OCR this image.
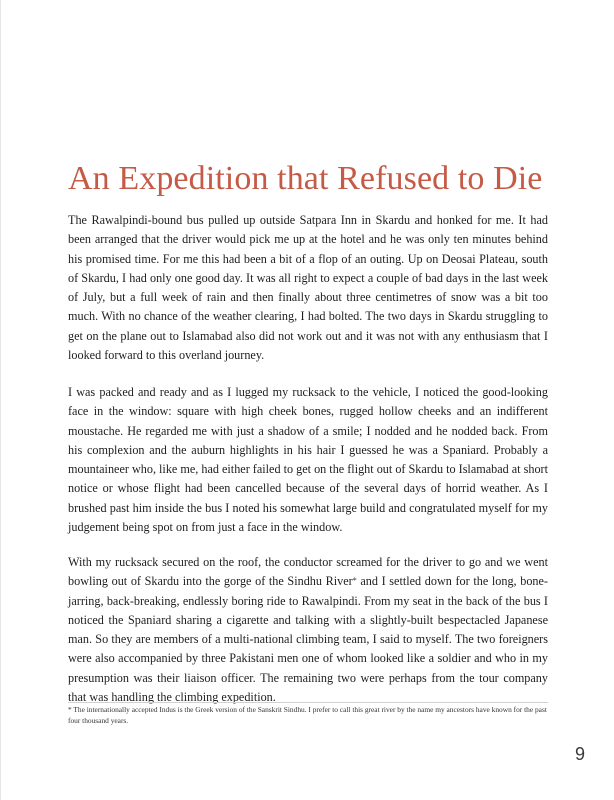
An Expedition that Refused to Die

The Rawalpindi-bound bus pulled up outside Satpara Inn in Skardu and honked for me. It had been arranged that the driver would pick me up at the hotel and he was only ten minutes behind his promised time. For me this had been a bit of a flop of an outing. Up on Deosai Plateau, south of Skardu, I had only one good day. It was all right to expect a couple of bad days in the last week of July, but a full week of rain and then finally about three centimetres of snow was a bit too much. With no chance of the weather clearing, I had bolted. The two days in Skardu struggling to get on the plane out to Islamabad also did not work out and it was not with any enthusiasm that I looked forward to this overland journey.

I was packed and ready and as I lugged my rucksack to the vehicle, I noticed the good-looking face in the window: square with high cheek bones, rugged hollow cheeks and an indifferent moustache. He regarded me with just a shadow of a smile; I nodded and he nodded back. From his complexion and the auburn highlights in his hair I guessed he was a Spaniard. Probably a mountaineer who, like me, had either failed to get on the flight out of Skardu to Islamabad at short notice or whose flight had been cancelled because of the several days of horrid weather. As I brushed past him inside the bus I noted his somewhat large build and congratulated myself for my judgement being spot on from just a face in the window.

With my rucksack secured on the roof, the conductor screamed for the driver to go and we went bowling out of Skardu into the gorge of the Sindhu River* and I settled down for the long, bone-jarring, back-breaking, endlessly boring ride to Rawalpindi. From my seat in the back of the bus I noticed the Spaniard sharing a cigarette and talking with a slightly-built bespectacled Japanese man. So they are members of a multi-national climbing team, I said to myself. The two foreigners were also accompanied by three Pakistani men one of whom looked like a soldier and who in my presumption was their liaison officer. The remaining two were perhaps from the tour company that was handling the climbing expedition.

* The internationally accepted Indus is the Greek version of the Sanskrit Sindhu. I prefer to call this great river by the name my ancestors have known for the past four thousand years.

9
